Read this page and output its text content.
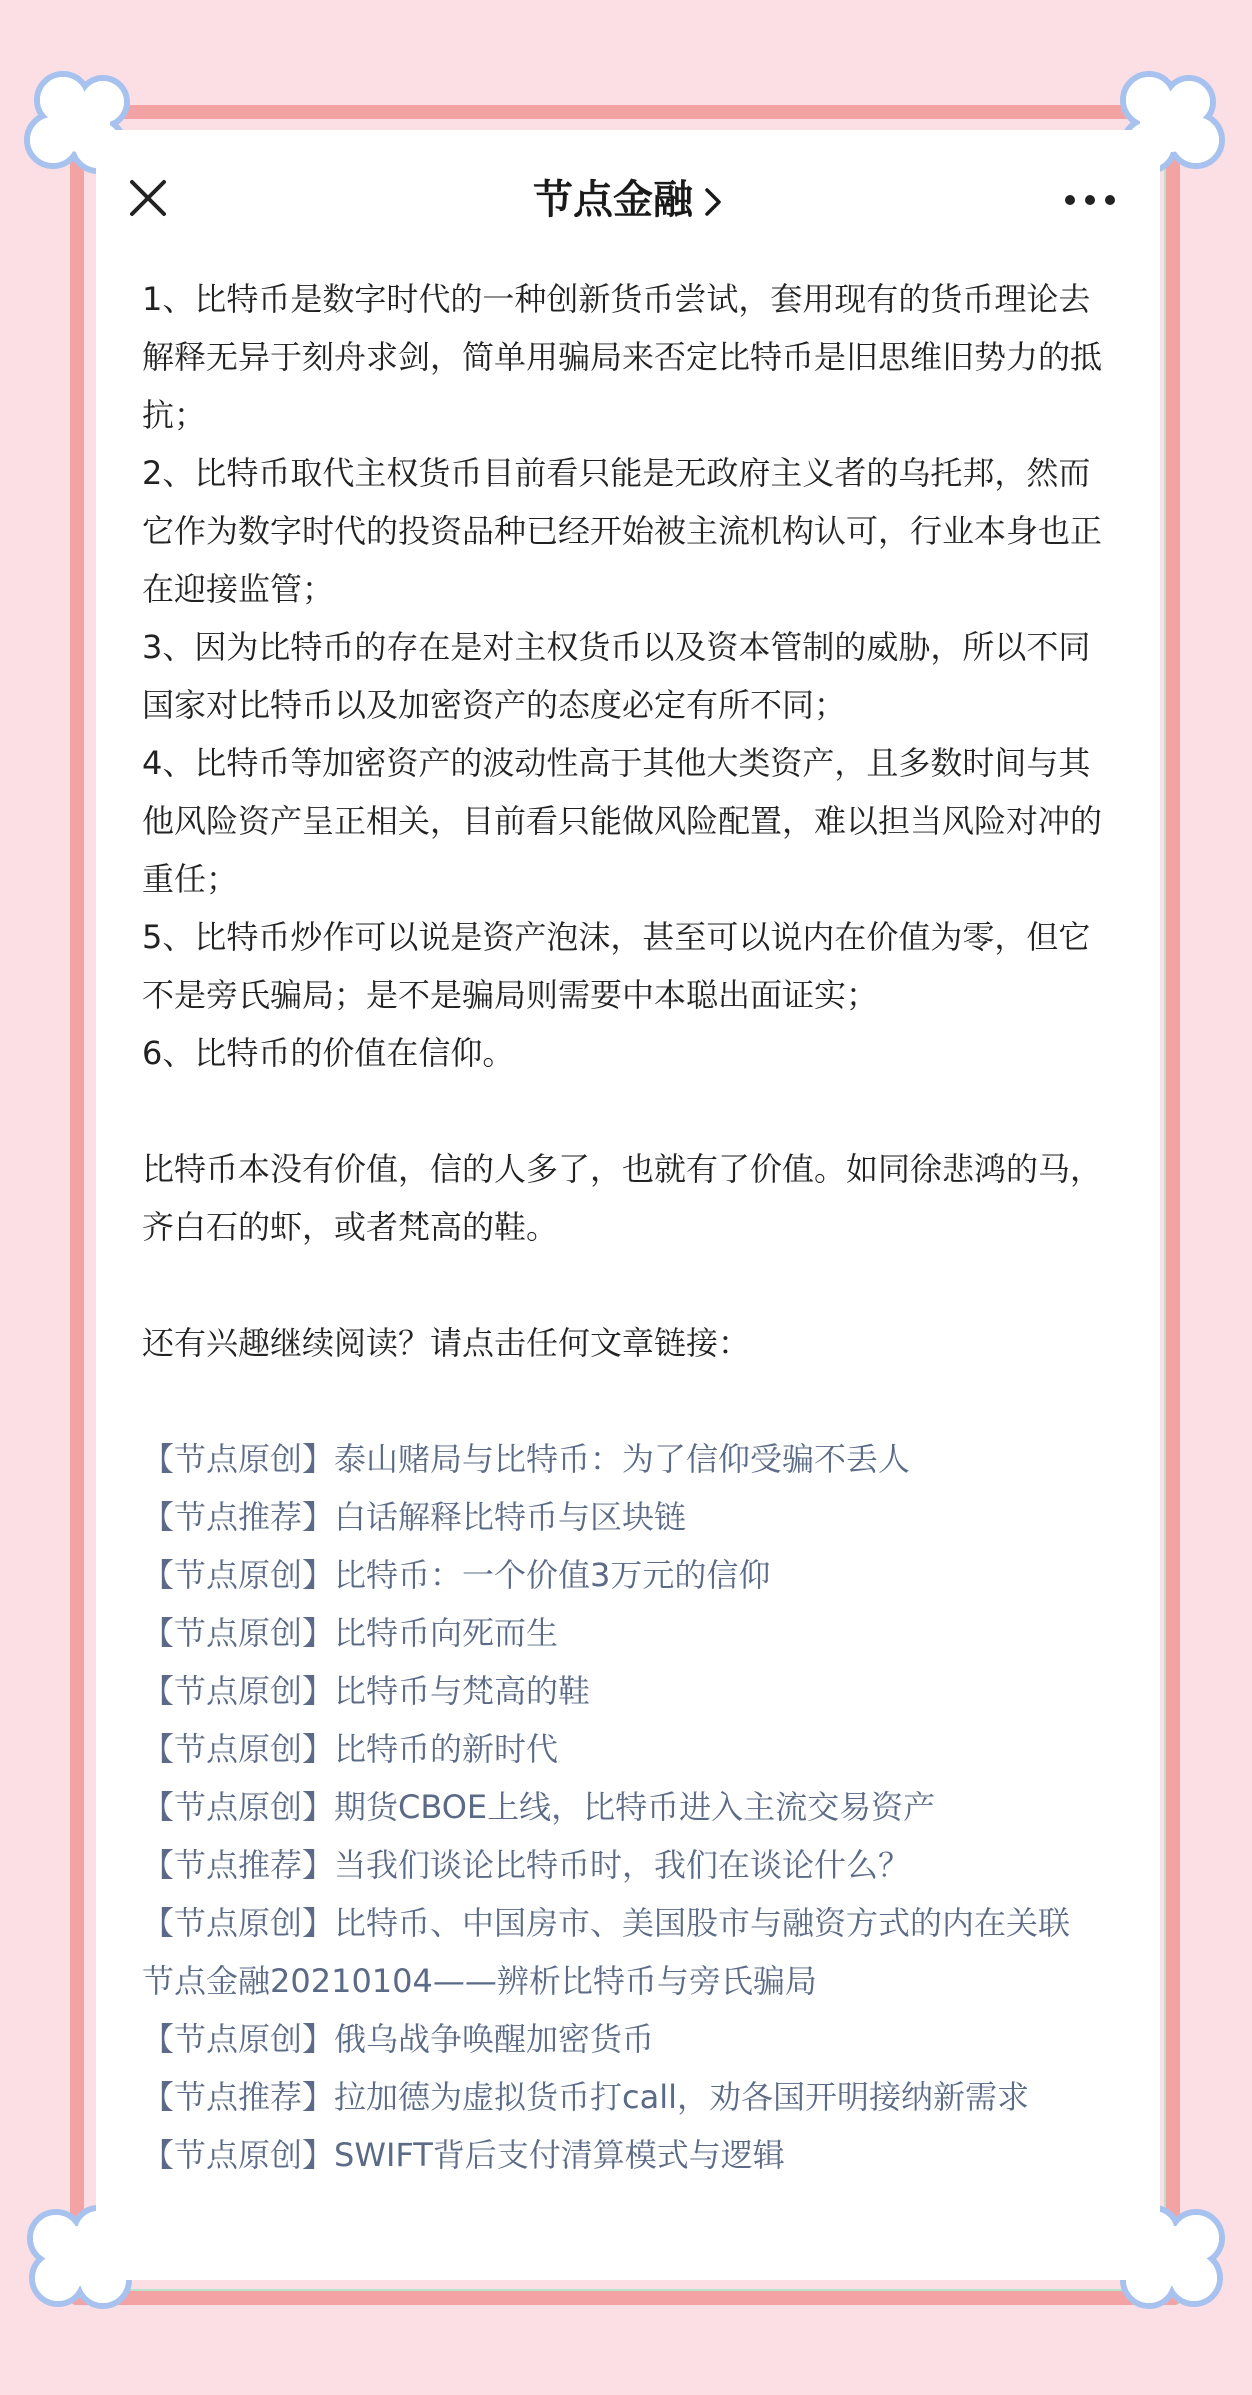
节点金融

1、比特币是数字时代的一种创新货币尝试，套用现有的货币理论去解释无异于刻舟求剑，简单用骗局来否定比特币是旧思维旧势力的抵抗；

2、比特币取代主权货币目前看只能是无政府主义者的乌托邦，然而它作为数字时代的投资品种已经开始被主流机构认可，行业本身也正在迎接监管；

3、因为比特币的存在是对主权货币以及资本管制的威胁，所以不同国家对比特币以及加密资产的态度必定有所不同；

4、比特币等加密资产的波动性高于其他大类资产，且多数时间与其他风险资产呈正相关，目前看只能做风险配置，难以担当风险对冲的重任；

5、比特币炒作可以说是资产泡沫，甚至可以说内在价值为零，但它不是旁氏骗局；是不是骗局则需要中本聪出面证实；

6、比特币的价值在信仰。

比特币本没有价值，信的人多了，也就有了价值。如同徐悲鸿的马，齐白石的虾，或者梵高的鞋。

还有兴趣继续阅读？请点击任何文章链接：

【节点原创】泰山赌局与比特币：为了信仰受骗不丢人

【节点推荐】白话解释比特币与区块链

【节点原创】比特币：一个价值3万元的信仰

【节点原创】比特币向死而生

【节点原创】比特币与梵高的鞋

【节点原创】比特币的新时代

【节点原创】期货CBOE上线，比特币进入主流交易资产

【节点推荐】当我们谈论比特币时，我们在谈论什么？

【节点原创】比特币、中国房市、美国股市与融资方式的内在关联

节点金融20210104——辨析比特币与旁氏骗局

【节点原创】俄乌战争唤醒加密货币

【节点推荐】拉加德为虚拟货币打call，劝各国开明接纳新需求

【节点原创】SWIFT背后支付清算模式与逻辑
